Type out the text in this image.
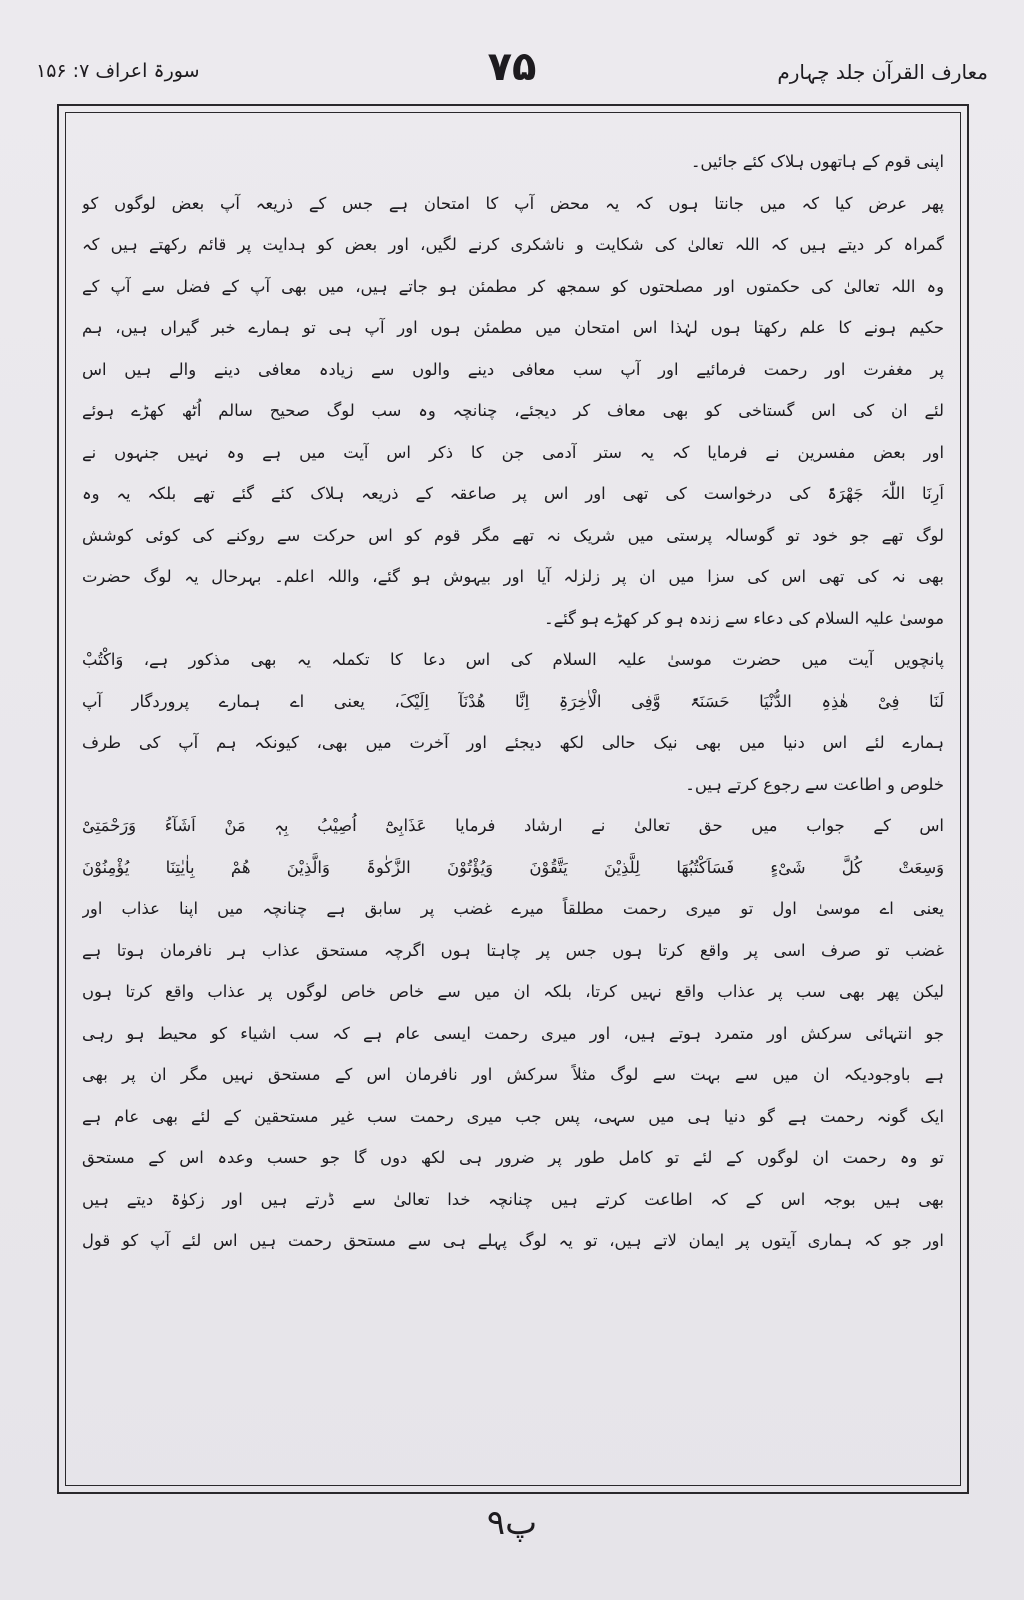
معارف القرآن جلد چہارم
۷۵
سورۃ اعراف ۷: ۱۵۶
اپنی قوم کے ہاتھوں ہلاک کئے جائیں۔
پھر عرض کیا کہ میں جانتا ہوں کہ یہ محض آپ کا امتحان ہے جس کے ذریعہ آپ بعض لوگوں کو
گمراہ کر دیتے ہیں کہ اللہ تعالیٰ کی شکایت و ناشکری کرنے لگیں، اور بعض کو ہدایت پر قائم رکھتے ہیں کہ
وہ اللہ تعالیٰ کی حکمتوں اور مصلحتوں کو سمجھ کر مطمئن ہو جاتے ہیں، میں بھی آپ کے فضل سے آپ کے
حکیم ہونے کا علم رکھتا ہوں لہٰذا اس امتحان میں مطمئن ہوں اور آپ ہی تو ہمارے خبر گیراں ہیں، ہم
پر مغفرت اور رحمت فرمائیے اور آپ سب معافی دینے والوں سے زیادہ معافی دینے والے ہیں اس
لئے ان کی اس گستاخی کو بھی معاف کر دیجئے، چنانچہ وہ سب لوگ صحیح سالم اُٹھ کھڑے ہوئے
اور بعض مفسرین نے فرمایا کہ یہ ستر آدمی جن کا ذکر اس آیت میں ہے وہ نہیں جنہوں نے
اَرِنَا اللّٰہَ جَھْرَۃً کی درخواست کی تھی اور اس پر صاعقہ کے ذریعہ ہلاک کئے گئے تھے بلکہ یہ وہ
لوگ تھے جو خود تو گوسالہ پرستی میں شریک نہ تھے مگر قوم کو اس حرکت سے روکنے کی کوئی کوشش
بھی نہ کی تھی اس کی سزا میں ان پر زلزلہ آیا اور بیہوش ہو گئے، واللہ اعلم۔ بہرحال یہ لوگ حضرت
موسیٰ علیہ السلام کی دعاء سے زندہ ہو کر کھڑے ہو گئے۔
پانچویں آیت میں حضرت موسیٰ علیہ السلام کی اس دعا کا تکملہ یہ بھی مذکور ہے، وَاکْتُبْ
لَنَا فِیْ ھٰذِہِ الدُّنْیَا حَسَنَۃً وَّفِی الْاٰخِرَۃِ اِنَّا ھُدْنَآ اِلَیْکَ، یعنی اے ہمارے پروردگار آپ
ہمارے لئے اس دنیا میں بھی نیک حالی لکھ دیجئے اور آخرت میں بھی، کیونکہ ہم آپ کی طرف
خلوص و اطاعت سے رجوع کرتے ہیں۔
اس کے جواب میں حق تعالیٰ نے ارشاد فرمایا عَذَابِیْٓ اُصِیْبُ بِہٖ مَنْ اَشَآءُ وَرَحْمَتِیْ
وَسِعَتْ کُلَّ شَیْءٍ فَسَاَکْتُبُھَا لِلَّذِیْنَ یَتَّقُوْنَ وَیُؤْتُوْنَ الزَّکٰوۃَ وَالَّذِیْنَ ھُمْ بِاٰیٰتِنَا یُؤْمِنُوْنَ
یعنی اے موسیٰ اول تو میری رحمت مطلقاً میرے غضب پر سابق ہے چنانچہ میں اپنا عذاب اور
غضب تو صرف اسی پر واقع کرتا ہوں جس پر چاہتا ہوں اگرچہ مستحق عذاب ہر نافرمان ہوتا ہے
لیکن پھر بھی سب پر عذاب واقع نہیں کرتا، بلکہ ان میں سے خاص خاص لوگوں پر عذاب واقع کرتا ہوں
جو انتہائی سرکش اور متمرد ہوتے ہیں، اور میری رحمت ایسی عام ہے کہ سب اشیاء کو محیط ہو رہی
ہے باوجودیکہ ان میں سے بہت سے لوگ مثلاً سرکش اور نافرمان اس کے مستحق نہیں مگر ان پر بھی
ایک گونہ رحمت ہے گو دنیا ہی میں سہی، پس جب میری رحمت سب غیر مستحقین کے لئے بھی عام ہے
تو وہ رحمت ان لوگوں کے لئے تو کامل طور پر ضرور ہی لکھ دوں گا جو حسب وعدہ اس کے مستحق
بھی ہیں بوجہ اس کے کہ اطاعت کرتے ہیں چنانچہ خدا تعالیٰ سے ڈرتے ہیں اور زکوٰۃ دیتے ہیں
اور جو کہ ہماری آیتوں پر ایمان لاتے ہیں، تو یہ لوگ پہلے ہی سے مستحق رحمت ہیں اس لئے آپ کو قول
پ۹
